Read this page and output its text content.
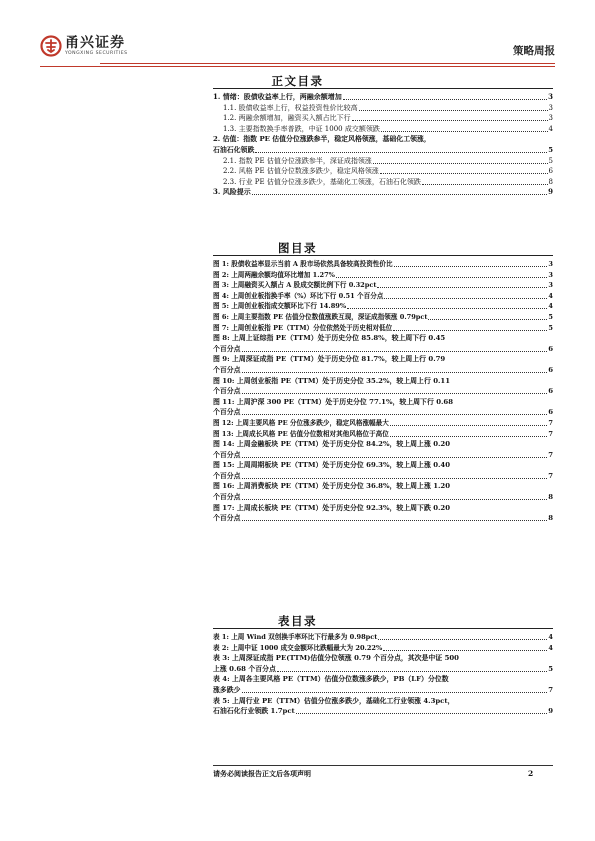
甬兴证券
YONGXING SECURITIES	策略周报
正文目录
1. 情绪：股债收益率上行，两融余额增加	3
1.1. 股债收益率上行，权益投资性价比较高	3
1.2. 两融余额增加，融资买入额占比下行	3
1.3. 主要指数换手率普跌，中证 1000 成交额领跌	4
2. 估值：指数 PE 估值分位涨跌参半，稳定风格领涨，基础化工领涨，
石油石化领跌	5
2.1. 指数 PE 估值分位涨跌参半，深证成指领涨	5
2.2. 风格 PE 估值分位数涨多跌少，稳定风格领涨	6
2.3. 行业 PE 估值分位涨多跌少，基础化工领涨，石油石化领跌	8
3. 风险提示	9
图目录
图 1: 股债收益率显示当前 A 股市场依然具备较高投资性价比	3
图 2: 上周两融余额均值环比增加 1.27%	3
图 3: 上周融资买入额占 A 股成交额比例下行 0.32pct	3
图 4: 上周创业板指换手率（%）环比下行 0.51 个百分点	4
图 5: 上周创业板指成交额环比下行 14.89%	4
图 6: 上周主要指数 PE 估值分位数值涨跌互现，深证成指领涨 0.79pct	5
图 7: 上周创业板指 PE（TTM）分位依然处于历史相对低位	5
图 8: 上周上证综指 PE（TTM）处于历史分位 85.8%，较上周下行 0.45
个百分点	6
图 9: 上周深证成指 PE（TTM）处于历史分位 81.7%，较上周上行 0.79
个百分点	6
图 10: 上周创业板指 PE（TTM）处于历史分位 35.2%，较上周上行 0.11
个百分点	6
图 11: 上周沪深 300 PE（TTM）处于历史分位 77.1%，较上周下行 0.68
个百分点	6
图 12: 上周主要风格 PE 分位涨多跌少，稳定风格涨幅最大	7
图 13: 上周成长风格 PE 估值分位数相对其他风格位于高位	7
图 14: 上周金融板块 PE（TTM）处于历史分位 84.2%，较上周上涨 0.20
个百分点	7
图 15: 上周周期板块 PE（TTM）处于历史分位 69.3%，较上周上涨 0.40
个百分点	7
图 16: 上周消费板块 PE（TTM）处于历史分位 36.8%，较上周上涨 1.20
个百分点	8
图 17: 上周成长板块 PE（TTM）处于历史分位 92.3%，较上周下跌 0.20
个百分点	8
表目录
表 1: 上周 Wind 双创换手率环比下行最多为 0.98pct	4
表 2: 上周中证 1000 成交金额环比跌幅最大为 20.22%	4
表 3: 上周深证成指 PE(TTM)估值分位领涨 0.79 个百分点，其次是中证 500
上涨 0.68 个百分点	5
表 4: 上周各主要风格 PE（TTM）估值分位数涨多跌少，PB（LF）分位数
涨多跌少	7
表 5: 上周行业 PE（TTM）估值分位涨多跌少，基础化工行业领涨 4.3pct，
石油石化行业领跌 1.7pct	9
请务必阅读报告正文后各项声明	2
